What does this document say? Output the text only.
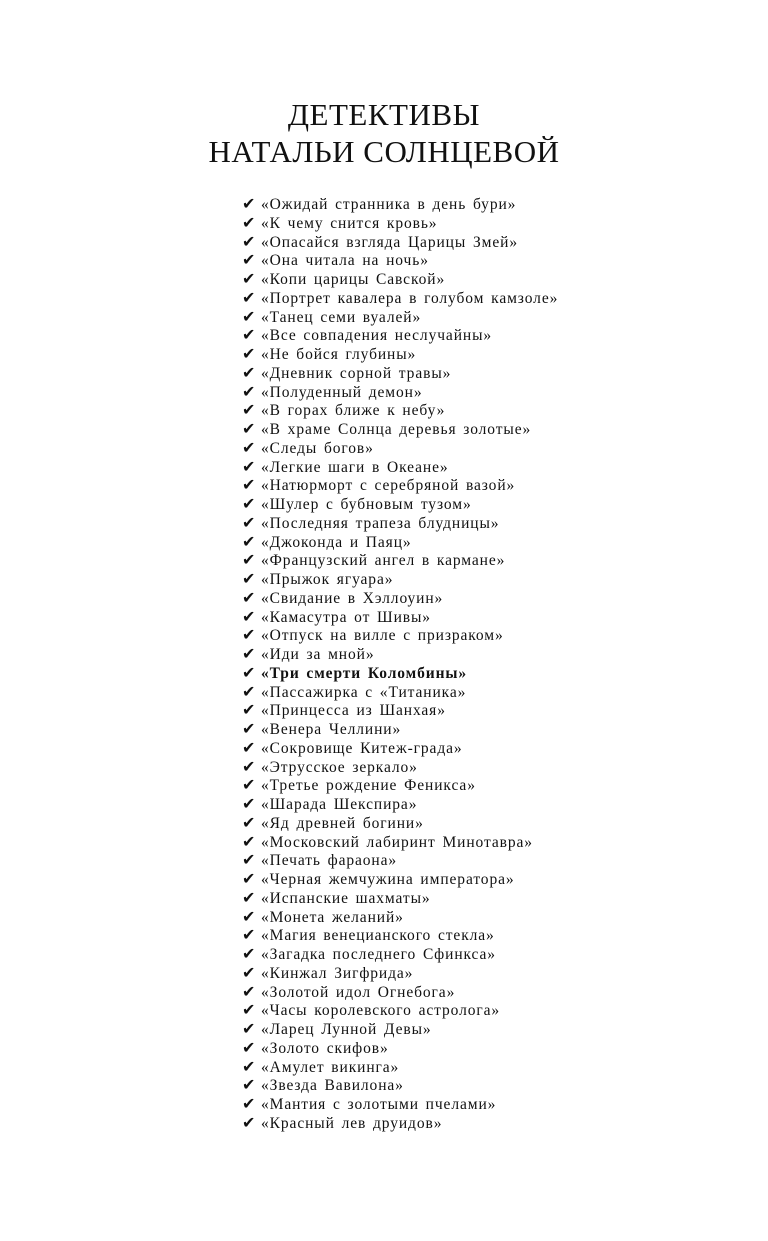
ДЕТЕКТИВЫ
НАТАЛЬИ СОЛНЦЕВОЙ
✔ «Ожидай странника в день бури»
✔ «К чему снится кровь»
✔ «Опасайся взгляда Царицы Змей»
✔ «Она читала на ночь»
✔ «Копи царицы Савской»
✔ «Портрет кавалера в голубом камзоле»
✔ «Танец семи вуалей»
✔ «Все совпадения неслучайны»
✔ «Не бойся глубины»
✔ «Дневник сорной травы»
✔ «Полуденный демон»
✔ «В горах ближе к небу»
✔ «В храме Солнца деревья золотые»
✔ «Следы богов»
✔ «Легкие шаги в Океане»
✔ «Натюрморт с серебряной вазой»
✔ «Шулер с бубновым тузом»
✔ «Последняя трапеза блудницы»
✔ «Джоконда и Паяц»
✔ «Французский ангел в кармане»
✔ «Прыжок ягуара»
✔ «Свидание в Хэллоуин»
✔ «Камасутра от Шивы»
✔ «Отпуск на вилле с призраком»
✔ «Иди за мной»
✔ «Три смерти Коломбины»
✔ «Пассажирка с «Титаника»
✔ «Принцесса из Шанхая»
✔ «Венера Челлини»
✔ «Сокровище Китеж-града»
✔ «Этрусское зеркало»
✔ «Третье рождение Феникса»
✔ «Шарада Шекспира»
✔ «Яд древней богини»
✔ «Московский лабиринт Минотавра»
✔ «Печать фараона»
✔ «Черная жемчужина императора»
✔ «Испанские шахматы»
✔ «Монета желаний»
✔ «Магия венецианского стекла»
✔ «Загадка последнего Сфинкса»
✔ «Кинжал Зигфрида»
✔ «Золотой идол Огнебога»
✔ «Часы королевского астролога»
✔ «Ларец Лунной Девы»
✔ «Золото скифов»
✔ «Амулет викинга»
✔ «Звезда Вавилона»
✔ «Мантия с золотыми пчелами»
✔ «Красный лев друидов»
